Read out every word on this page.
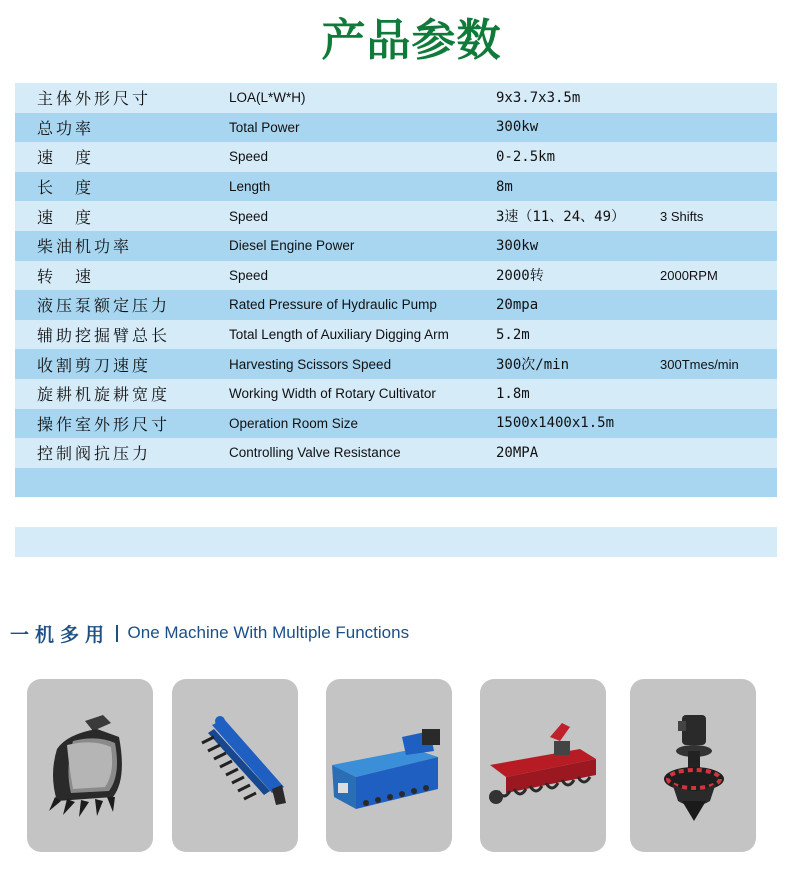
产品参数
主体外形尺寸	LOA(L*W*H)	9x3.7x3.5m
总功率	Total Power	300kw
速　度	Speed	0-2.5km
长　度	Length	8m
速　度	Speed	3速（11、24、49）	3 Shifts
柴油机功率	Diesel Engine Power	300kw
转　速	Speed	2000转	2000RPM
液压泵额定压力	Rated Pressure of Hydraulic Pump	20mpa
辅助挖掘臂总长	Total Length of Auxiliary Digging Arm	5.2m
收割剪刀速度	Harvesting Scissors Speed	300次/min	300Tmes/min
旋耕机旋耕宽度	Working Width of Rotary Cultivator	1.8m
操作室外形尺寸	Operation Room Size	1500x1400x1.5m
控制阀抗压力	Controlling Valve Resistance	20MPA
一机多用 One Machine With Multiple Functions
